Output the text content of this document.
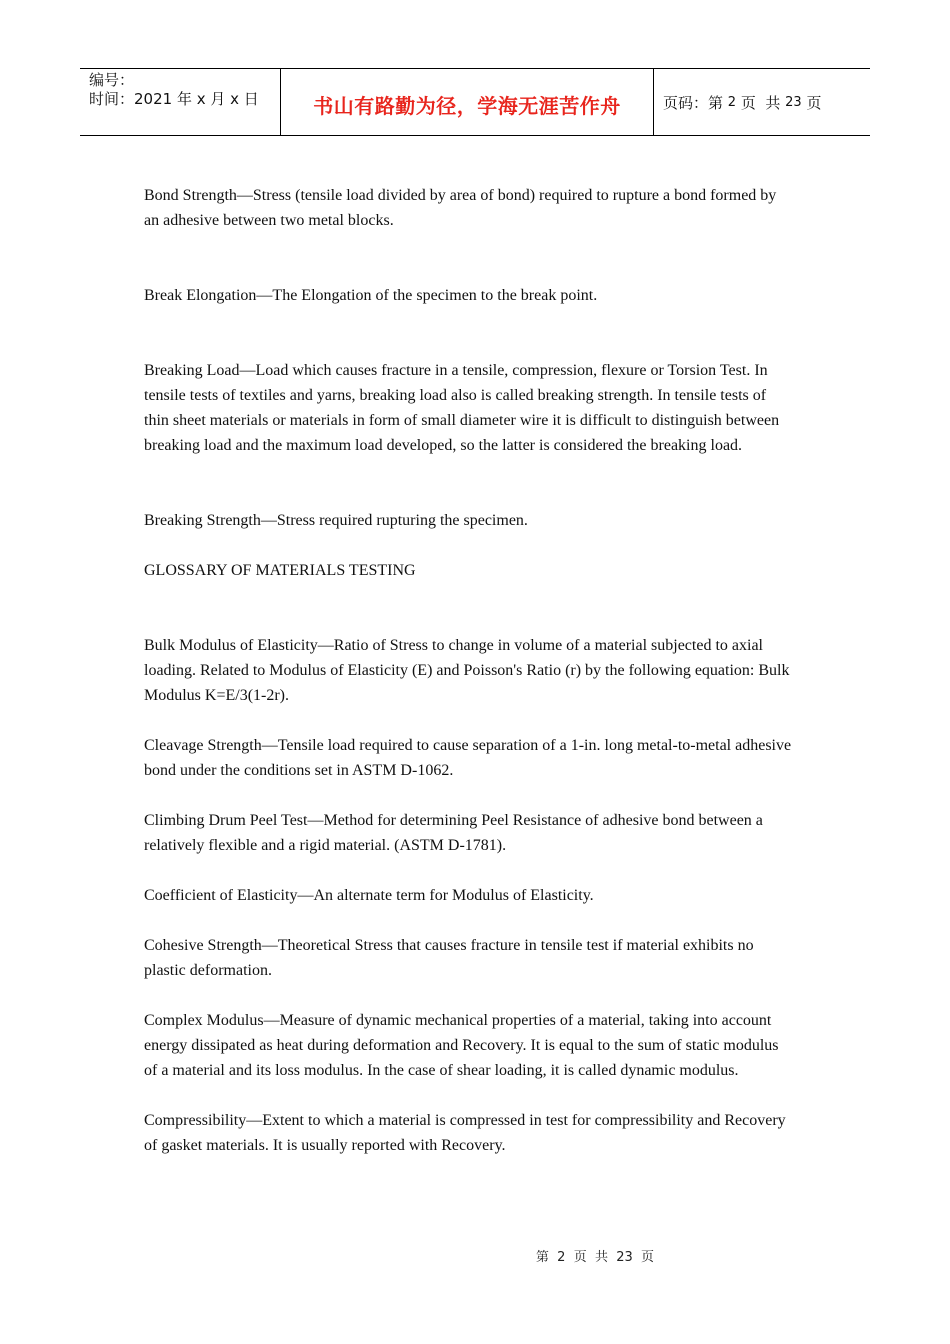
编号：
时间：2021 年 x 月 x 日	书山有路勤为径，学海无涯苦作舟	页码：第 2 页  共 23 页

Bond Strength—Stress (tensile load divided by area of bond) required to rupture a bond formed by an adhesive between two metal blocks.

Break Elongation—The Elongation of the specimen to the break point.

Breaking Load—Load which causes fracture in a tensile, compression, flexure or Torsion Test. In tensile tests of textiles and yarns, breaking load also is called breaking strength. In tensile tests of thin sheet materials or materials in form of small diameter wire it is difficult to distinguish between breaking load and the maximum load developed, so the latter is considered the breaking load.

Breaking Strength—Stress required rupturing the specimen.

GLOSSARY OF MATERIALS TESTING

Bulk Modulus of Elasticity—Ratio of Stress to change in volume of a material subjected to axial loading. Related to Modulus of Elasticity (E) and Poisson's Ratio (r) by the following equation: Bulk Modulus K=E/3(1-2r).

Cleavage Strength—Tensile load required to cause separation of a 1-in. long metal-to-metal adhesive bond under the conditions set in ASTM D-1062.

Climbing Drum Peel Test—Method for determining Peel Resistance of adhesive bond between a relatively flexible and a rigid material. (ASTM D-1781).

Coefficient of Elasticity—An alternate term for Modulus of Elasticity.

Cohesive Strength—Theoretical Stress that causes fracture in tensile test if material exhibits no plastic deformation.

Complex Modulus—Measure of dynamic mechanical properties of a material, taking into account energy dissipated as heat during deformation and Recovery. It is equal to the sum of static modulus of a material and its loss modulus. In the case of shear loading, it is called dynamic modulus.

Compressibility—Extent to which a material is compressed in test for compressibility and Recovery of gasket materials. It is usually reported with Recovery.

第  2  页  共  23  页
